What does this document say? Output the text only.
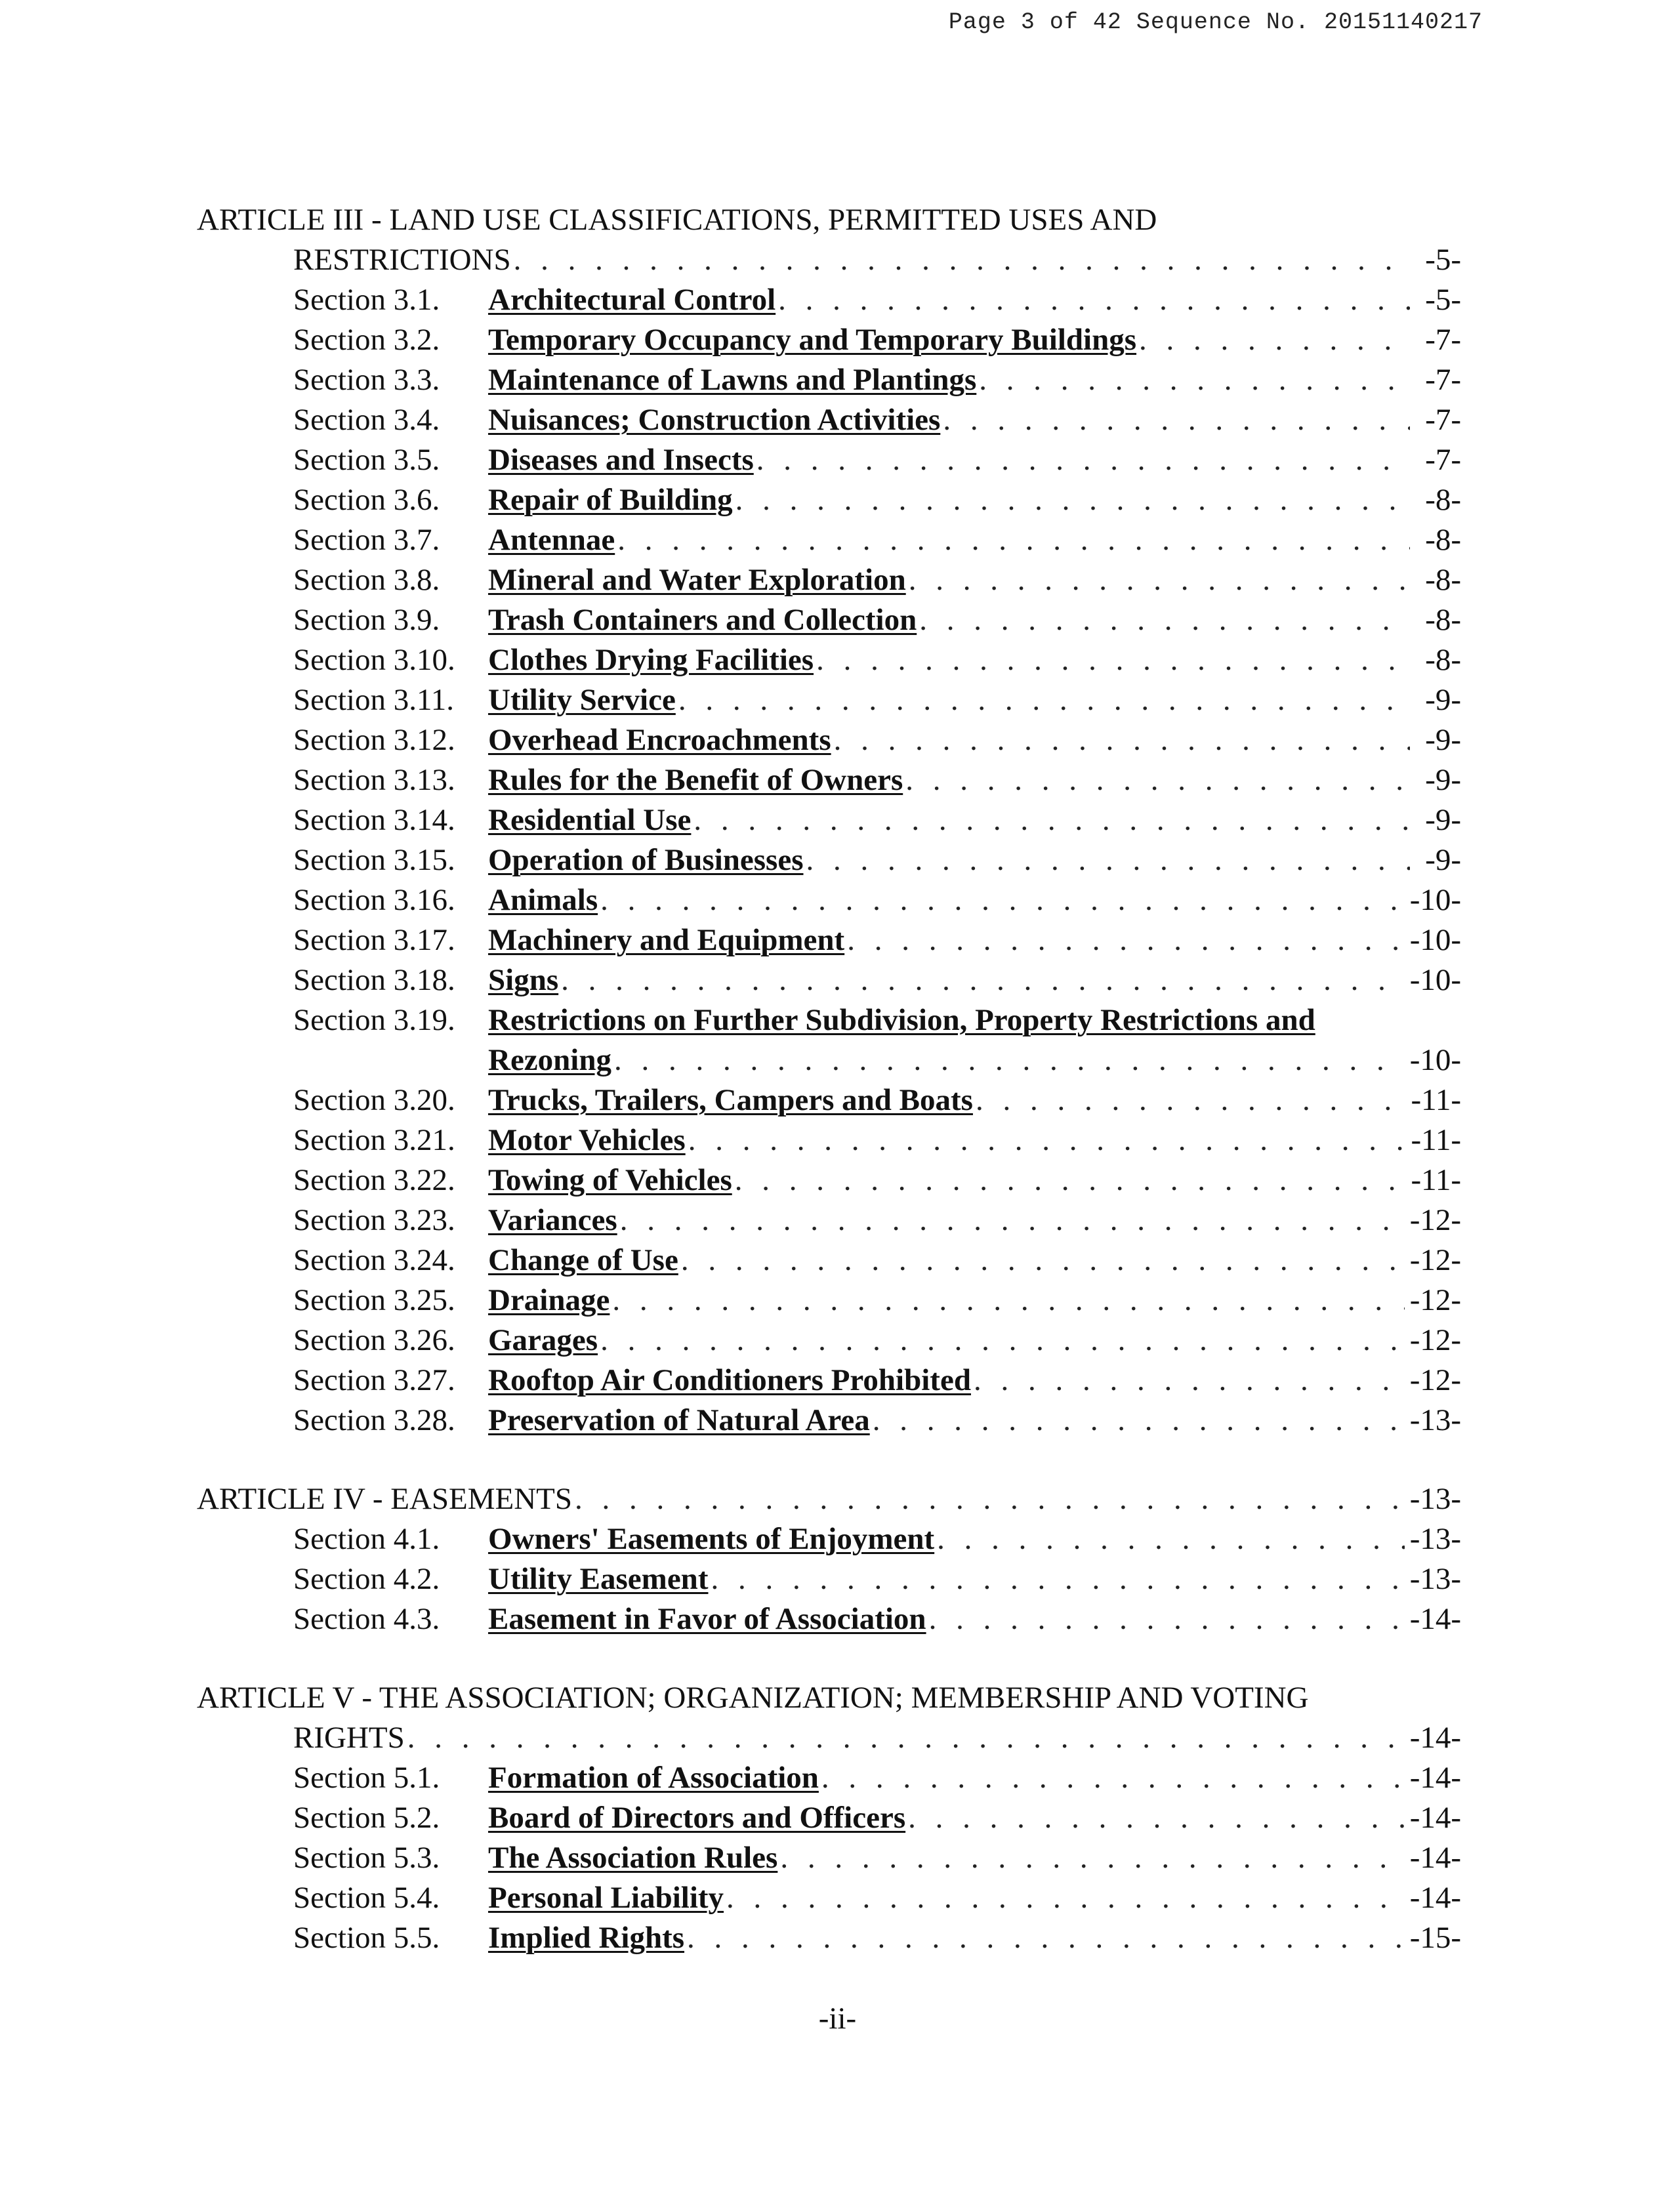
Page 3 of 42 Sequence No. 20151140217
ARTICLE III - LAND USE CLASSIFICATIONS, PERMITTED USES AND
RESTRICTIONS . . .	-5-
Section 3.1.	Architectural Control . . .	-5-
Section 3.2.	Temporary Occupancy and Temporary Buildings . . .	-7-
Section 3.3.	Maintenance of Lawns and Plantings . . .	-7-
Section 3.4.	Nuisances; Construction Activities . . .	-7-
Section 3.5.	Diseases and Insects . . .	-7-
Section 3.6.	Repair of Building . . .	-8-
Section 3.7.	Antennae . . .	-8-
Section 3.8.	Mineral and Water Exploration . . .	-8-
Section 3.9.	Trash Containers and Collection . . .	-8-
Section 3.10.	Clothes Drying Facilities . . .	-8-
Section 3.11.	Utility Service . . .	-9-
Section 3.12.	Overhead Encroachments . . .	-9-
Section 3.13.	Rules for the Benefit of Owners . . .	-9-
Section 3.14.	Residential Use . . .	-9-
Section 3.15.	Operation of Businesses . . .	-9-
Section 3.16.	Animals . . .	-10-
Section 3.17.	Machinery and Equipment . . .	-10-
Section 3.18.	Signs . . .	-10-
Section 3.19.	Restrictions on Further Subdivision, Property Restrictions and
Rezoning . . .	-10-
Section 3.20.	Trucks, Trailers, Campers and Boats . . .	-11-
Section 3.21.	Motor Vehicles . . .	-11-
Section 3.22.	Towing of Vehicles . . .	-11-
Section 3.23.	Variances . . .	-12-
Section 3.24.	Change of Use . . .	-12-
Section 3.25.	Drainage . . .	-12-
Section 3.26.	Garages . . .	-12-
Section 3.27.	Rooftop Air Conditioners Prohibited . . .	-12-
Section 3.28.	Preservation of Natural Area . . .	-13-
ARTICLE IV - EASEMENTS . . .	-13-
Section 4.1.	Owners' Easements of Enjoyment . . .	-13-
Section 4.2.	Utility Easement . . .	-13-
Section 4.3.	Easement in Favor of Association . . .	-14-
ARTICLE V - THE ASSOCIATION; ORGANIZATION; MEMBERSHIP AND VOTING
RIGHTS . . .	-14-
Section 5.1.	Formation of Association . . .	-14-
Section 5.2.	Board of Directors and Officers . . .	-14-
Section 5.3.	The Association Rules . . .	-14-
Section 5.4.	Personal Liability . . .	-14-
Section 5.5.	Implied Rights . . .	-15-
-ii-
